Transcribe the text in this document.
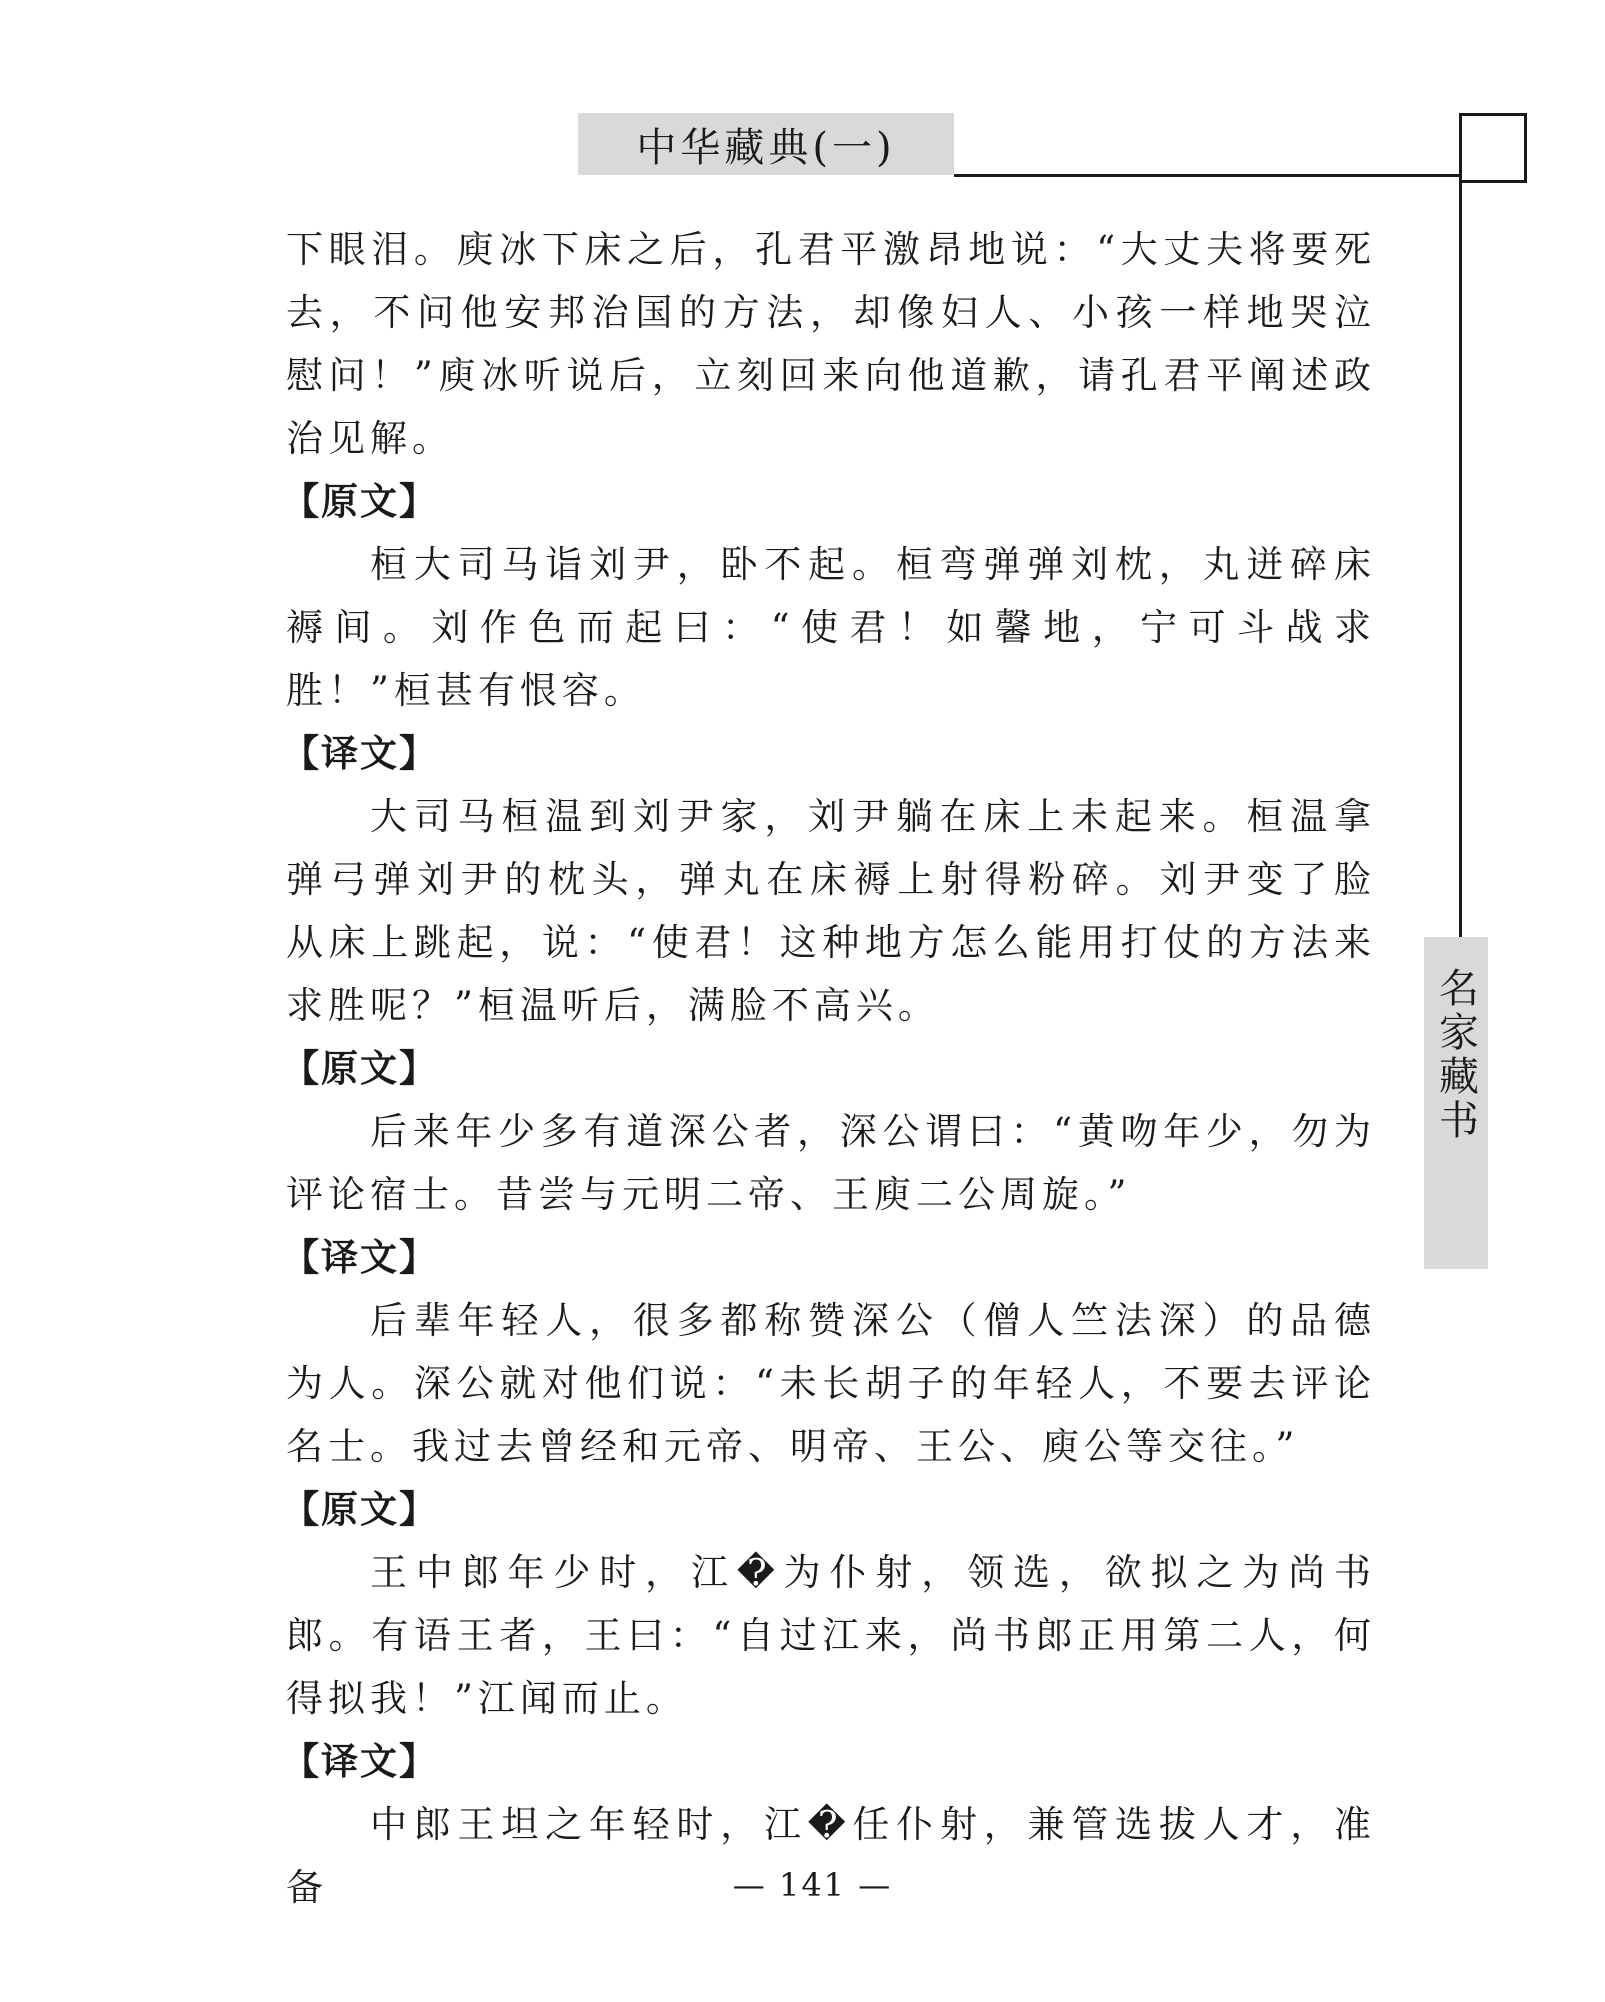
中华藏典(一)
名家藏书

下眼泪。庾冰下床之后，孔君平激昂地说：“大丈夫将要死去，不问他安邦治国的方法，却像妇人、小孩一样地哭泣慰问！”庾冰听说后，立刻回来向他道歉，请孔君平阐述政治见解。

【原文】

桓大司马诣刘尹，卧不起。桓弯弹弹刘枕，丸迸碎床褥间。刘作色而起曰：“使君！如馨地，宁可斗战求胜！”桓甚有恨容。

【译文】

大司马桓温到刘尹家，刘尹躺在床上未起来。桓温拿弹弓弹刘尹的枕头，弹丸在床褥上射得粉碎。刘尹变了脸从床上跳起，说：“使君！这种地方怎么能用打仗的方法来求胜呢？”桓温听后，满脸不高兴。

【原文】

后来年少多有道深公者，深公谓曰：“黄吻年少，勿为评论宿士。昔尝与元明二帝、王庾二公周旋。”

【译文】

后辈年轻人，很多都称赞深公（僧人竺法深）的品德为人。深公就对他们说：“未长胡子的年轻人，不要去评论名士。我过去曾经和元帝、明帝、王公、庾公等交往。”

【原文】

王中郎年少时，江�为仆射，领选，欲拟之为尚书郎。有语王者，王曰：“自过江来，尚书郎正用第二人，何得拟我！”江闻而止。

【译文】

中郎王坦之年轻时，江�任仆射，兼管选拔人才，准备	— 141 —
